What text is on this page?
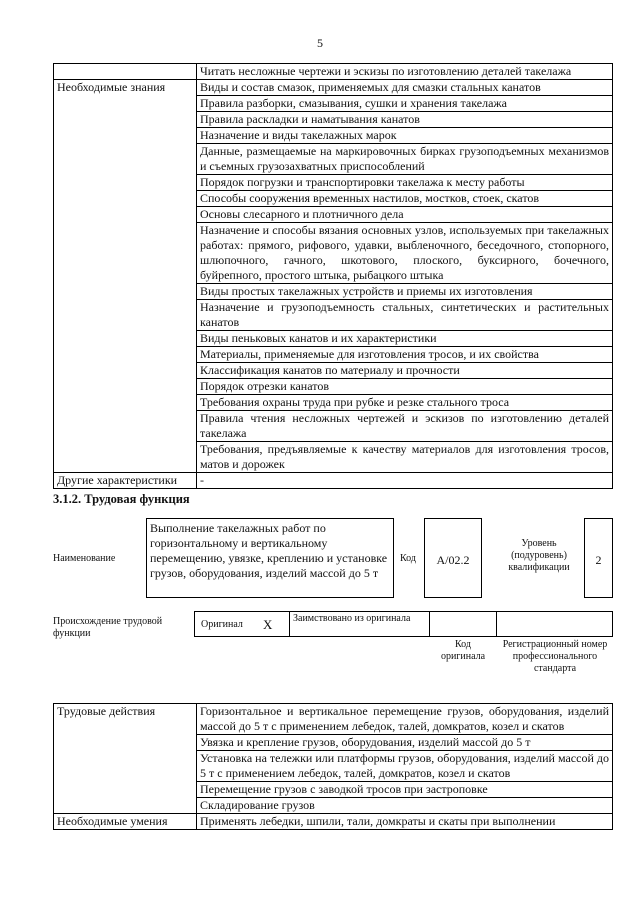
5
	Читать несложные чертежи и эскизы по изготовлению деталей такелажа
Необходимые знания	Виды и состав смазок, применяемых для смазки стальных канатов
	Правила разборки, смазывания, сушки и хранения такелажа
	Правила раскладки и наматывания канатов
	Назначение и виды такелажных марок
	Данные, размещаемые на маркировочных бирках грузоподъемных механизмов и съемных грузозахватных приспособлений
	Порядок погрузки и транспортировки такелажа к месту работы
	Способы сооружения временных настилов, мостков, стоек, скатов
	Основы слесарного и плотничного дела
	Назначение и способы вязания основных узлов, используемых при такелажных работах: прямого, рифового, удавки, выбленочного, беседочного, стопорного, шлюпочного, гачного, шкотового, плоского, буксирного, бочечного, буйрепного, простого штыка, рыбацкого штыка
	Виды простых такелажных устройств и приемы их изготовления
	Назначение и грузоподъемность стальных, синтетических и растительных канатов
	Виды пеньковых канатов и их характеристики
	Материалы, применяемые для изготовления тросов, и их свойства
	Классификация канатов по материалу и прочности
	Порядок отрезки канатов
	Требования охраны труда при рубке и резке стального троса
	Правила чтения несложных чертежей и эскизов по изготовлению деталей такелажа
	Требования, предъявляемые к качеству материалов для изготовления тросов, матов и дорожек
Другие характеристики	-
3.1.2. Трудовая функция
Наименование
Выполнение такелажных работ по горизонтальному и вертикальному перемещению, увязке, креплению и установке грузов, оборудования, изделий массой до 5 т
Код	A/02.2
Уровень (подуровень) квалификации
2
Происхождение трудовой функции
Оригинал X	Заимствовано из оригинала
Код оригинала
Регистрационный номер профессионального стандарта
Трудовые действия	Горизонтальное и вертикальное перемещение грузов, оборудования, изделий массой до 5 т с применением лебедок, талей, домкратов, козел и скатов
	Увязка и крепление грузов, оборудования, изделий массой до 5 т
	Установка на тележки или платформы грузов, оборудования, изделий массой до 5 т с применением лебедок, талей, домкратов, козел и скатов
	Перемещение грузов с заводкой тросов при застроповке
	Складирование грузов
Необходимые умения	Применять лебедки, шпили, тали, домкраты и скаты при выполнении
